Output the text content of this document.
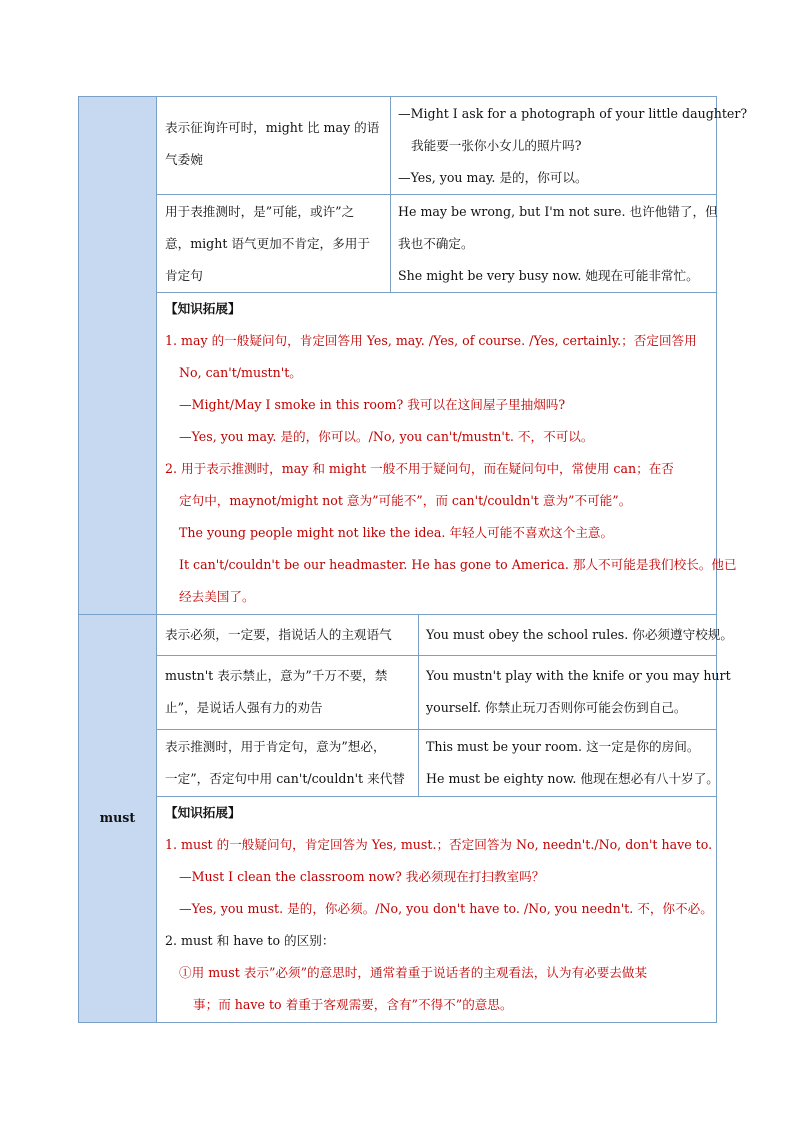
表示征询许可时，might 比 may 的语
气委婉
—Might I ask for a photograph of your little daughter?
我能要一张你小女儿的照片吗?
—Yes, you may. 是的，你可以。
用于表推测时，是”可能，或许”之
意，might 语气更加不肯定，多用于
肯定句
He may be wrong, but I'm not sure. 也许他错了，但
我也不确定。
She might be very busy now. 她现在可能非常忙。
【知识拓展】
1. may 的一般疑问句，肯定回答用 Yes, may. /Yes, of course. /Yes, certainly.；否定回答用
No, can't/mustn't。
—Might/May I smoke in this room? 我可以在这间屋子里抽烟吗?
—Yes, you may. 是的，你可以。/No, you can't/mustn't. 不，不可以。
2. 用于表示推测时，may 和 might 一般不用于疑问句，而在疑问句中，常使用 can；在否
定句中，maynot/might not 意为”可能不”，而 can't/couldn't 意为”不可能”。
The young people might not like the idea. 年轻人可能不喜欢这个主意。
It can't/couldn't be our headmaster. He has gone to America. 那人不可能是我们校长。他已
经去美国了。
must
表示必须，一定要，指说话人的主观语气	You must obey the school rules. 你必须遵守校规。
mustn't 表示禁止，意为”千万不要，禁
止”，是说话人强有力的劝告
You mustn't play with the knife or you may hurt
yourself. 你禁止玩刀否则你可能会伤到自己。
表示推测时，用于肯定句，意为”想必，
一定”，否定句中用 can't/couldn't 来代替
This must be your room. 这一定是你的房间。
He must be eighty now. 他现在想必有八十岁了。
【知识拓展】
1. must 的一般疑问句，肯定回答为 Yes, must.；否定回答为 No, needn't./No, don't have to.
—Must I clean the classroom now? 我必须现在打扫教室吗？
—Yes, you must. 是的，你必须。/No, you don't have to. /No, you needn't. 不，你不必。
2. must 和 have to 的区别：
①用 must 表示”必须”的意思时，通常着重于说话者的主观看法，认为有必要去做某
事；而 have to 着重于客观需要，含有”不得不”的意思。
